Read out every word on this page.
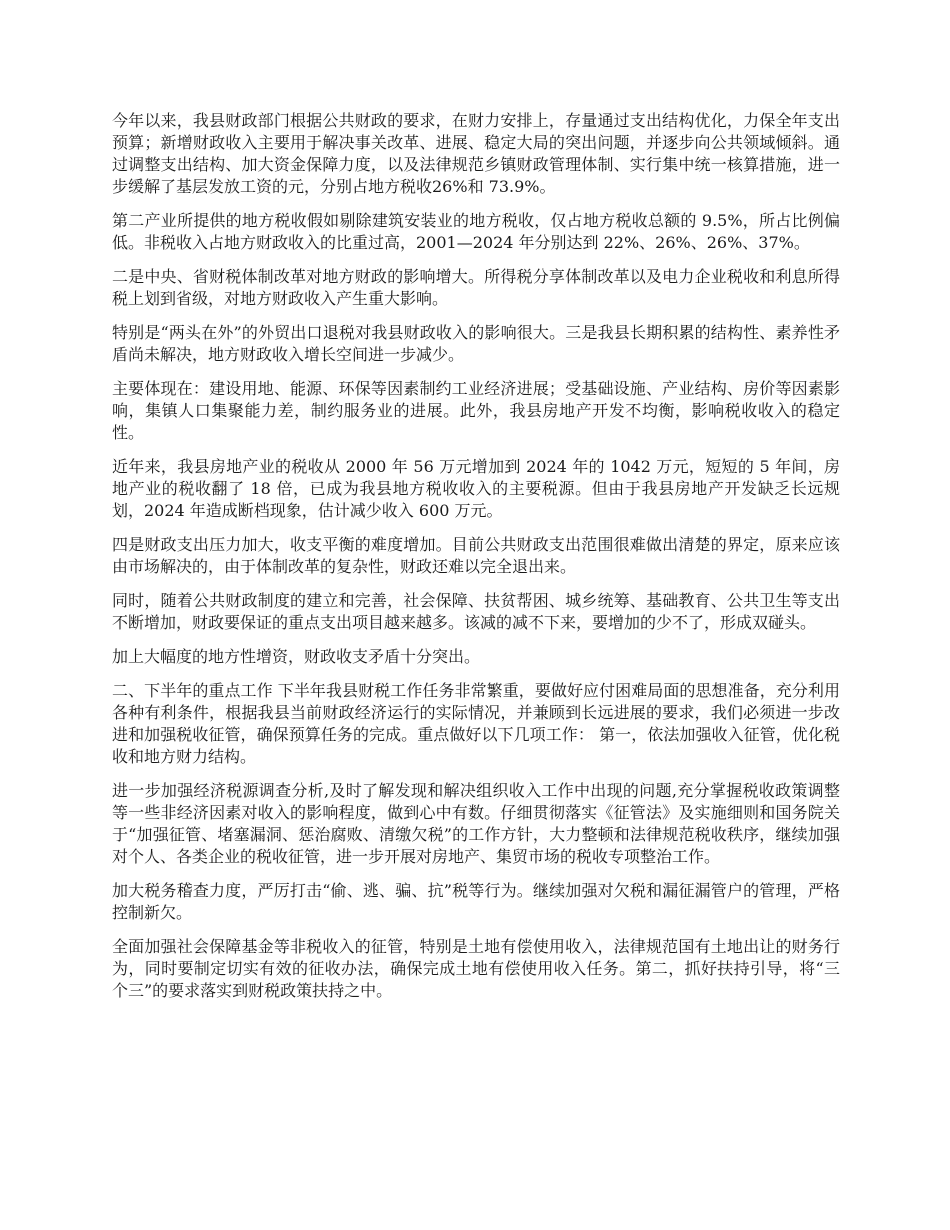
今年以来，我县财政部门根据公共财政的要求，在财力安排上，存量通过支出结构优化，力保全年支出预算；新增财政收入主要用于解决事关改革、进展、稳定大局的突出问题，并逐步向公共领域倾斜。通过调整支出结构、加大资金保障力度，以及法律规范乡镇财政管理体制、实行集中统一核算措施，进一步缓解了基层发放工资的元，分别占地方税收26%和 73.9%。

第二产业所提供的地方税收假如剔除建筑安装业的地方税收，仅占地方税收总额的 9.5%，所占比例偏低。非税收入占地方财政收入的比重过高，2001—2024 年分别达到 22%、26%、26%、37%。

二是中央、省财税体制改革对地方财政的影响增大。所得税分享体制改革以及电力企业税收和利息所得税上划到省级，对地方财政收入产生重大影响。

特别是“两头在外”的外贸出口退税对我县财政收入的影响很大。三是我县长期积累的结构性、素养性矛盾尚未解决，地方财政收入增长空间进一步减少。

主要体现在：建设用地、能源、环保等因素制约工业经济进展；受基础设施、产业结构、房价等因素影响，集镇人口集聚能力差，制约服务业的进展。此外，我县房地产开发不均衡，影响税收收入的稳定性。

近年来，我县房地产业的税收从 2000 年 56 万元增加到 2024 年的 1042 万元，短短的 5 年间，房地产业的税收翻了 18 倍，已成为我县地方税收收入的主要税源。但由于我县房地产开发缺乏长远规划，2024 年造成断档现象，估计减少收入 600 万元。

四是财政支出压力加大，收支平衡的难度增加。目前公共财政支出范围很难做出清楚的界定，原来应该由市场解决的，由于体制改革的复杂性，财政还难以完全退出来。

同时，随着公共财政制度的建立和完善，社会保障、扶贫帮困、城乡统筹、基础教育、公共卫生等支出不断增加，财政要保证的重点支出项目越来越多。该减的减不下来，要增加的少不了，形成双碰头。

加上大幅度的地方性增资，财政收支矛盾十分突出。

二、下半年的重点工作 下半年我县财税工作任务非常繁重，要做好应付困难局面的思想准备，充分利用各种有利条件，根据我县当前财政经济运行的实际情况，并兼顾到长远进展的要求，我们必须进一步改进和加强税收征管，确保预算任务的完成。重点做好以下几项工作： 第一，依法加强收入征管，优化税收和地方财力结构。

进一步加强经济税源调查分析,及时了解发现和解决组织收入工作中出现的问题,充分掌握税收政策调整等一些非经济因素对收入的影响程度，做到心中有数。仔细贯彻落实《征管法》及实施细则和国务院关于“加强征管、堵塞漏洞、惩治腐败、清缴欠税”的工作方针，大力整顿和法律规范税收秩序，继续加强对个人、各类企业的税收征管，进一步开展对房地产、集贸市场的税收专项整治工作。

加大税务稽查力度，严厉打击“偷、逃、骗、抗”税等行为。继续加强对欠税和漏征漏管户的管理，严格控制新欠。

全面加强社会保障基金等非税收入的征管，特别是土地有偿使用收入，法律规范国有土地出让的财务行为，同时要制定切实有效的征收办法，确保完成土地有偿使用收入任务。第二，抓好扶持引导，将“三个三”的要求落实到财税政策扶持之中。
